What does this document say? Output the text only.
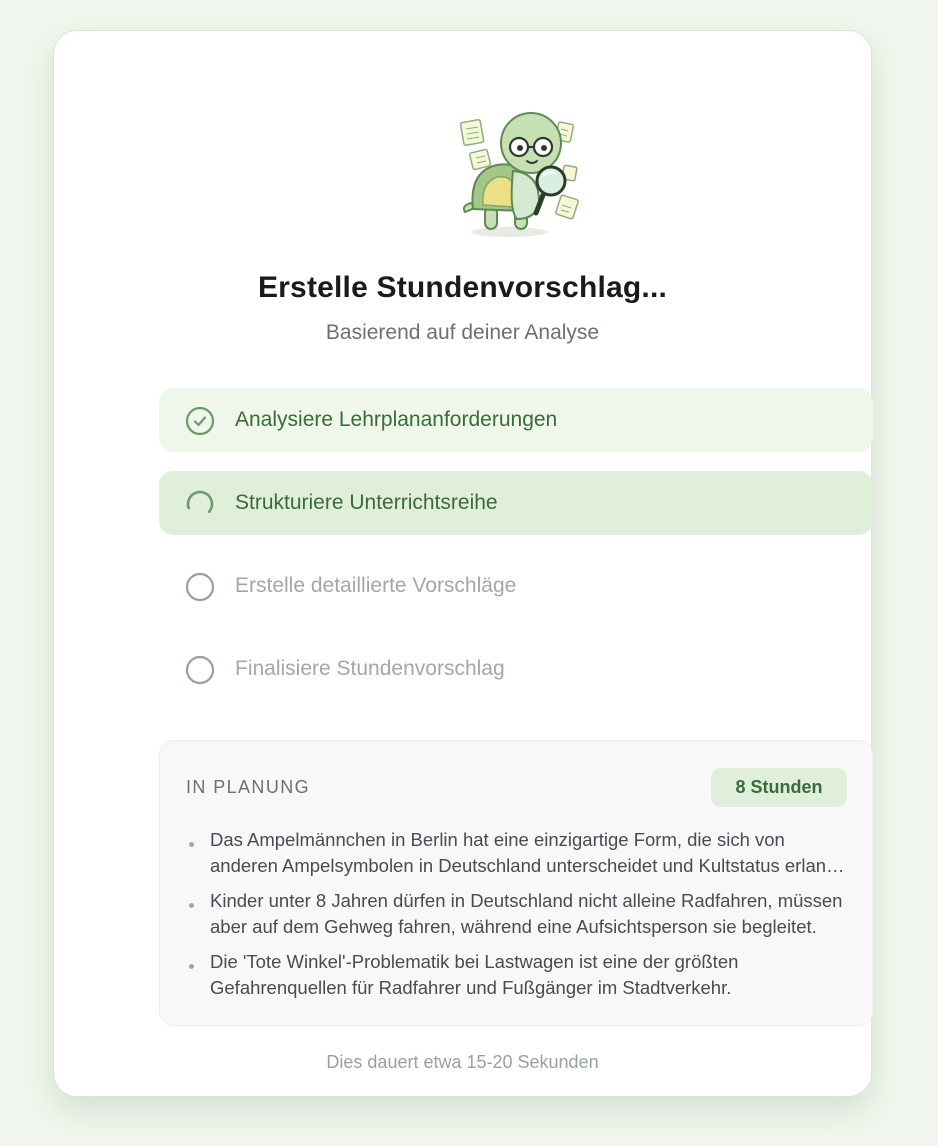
Erstelle Stundenvorschlag...
Basierend auf deiner Analyse
Analysiere Lehrplananforderungen
Strukturiere Unterrichtsreihe
Erstelle detaillierte Vorschläge
Finalisiere Stundenvorschlag
IN PLANUNG	8 Stunden
Das Ampelmännchen in Berlin hat eine einzigartige Form, die sich von anderen Ampelsymbolen in Deutschland unterscheidet und Kultstatus erlangt
Kinder unter 8 Jahren dürfen in Deutschland nicht alleine Radfahren, müssen aber auf dem Gehweg fahren, während eine Aufsichtsperson sie begleitet.
Die 'Tote Winkel'-Problematik bei Lastwagen ist eine der größten Gefahrenquellen für Radfahrer und Fußgänger im Stadtverkehr.
Dies dauert etwa 15-20 Sekunden
